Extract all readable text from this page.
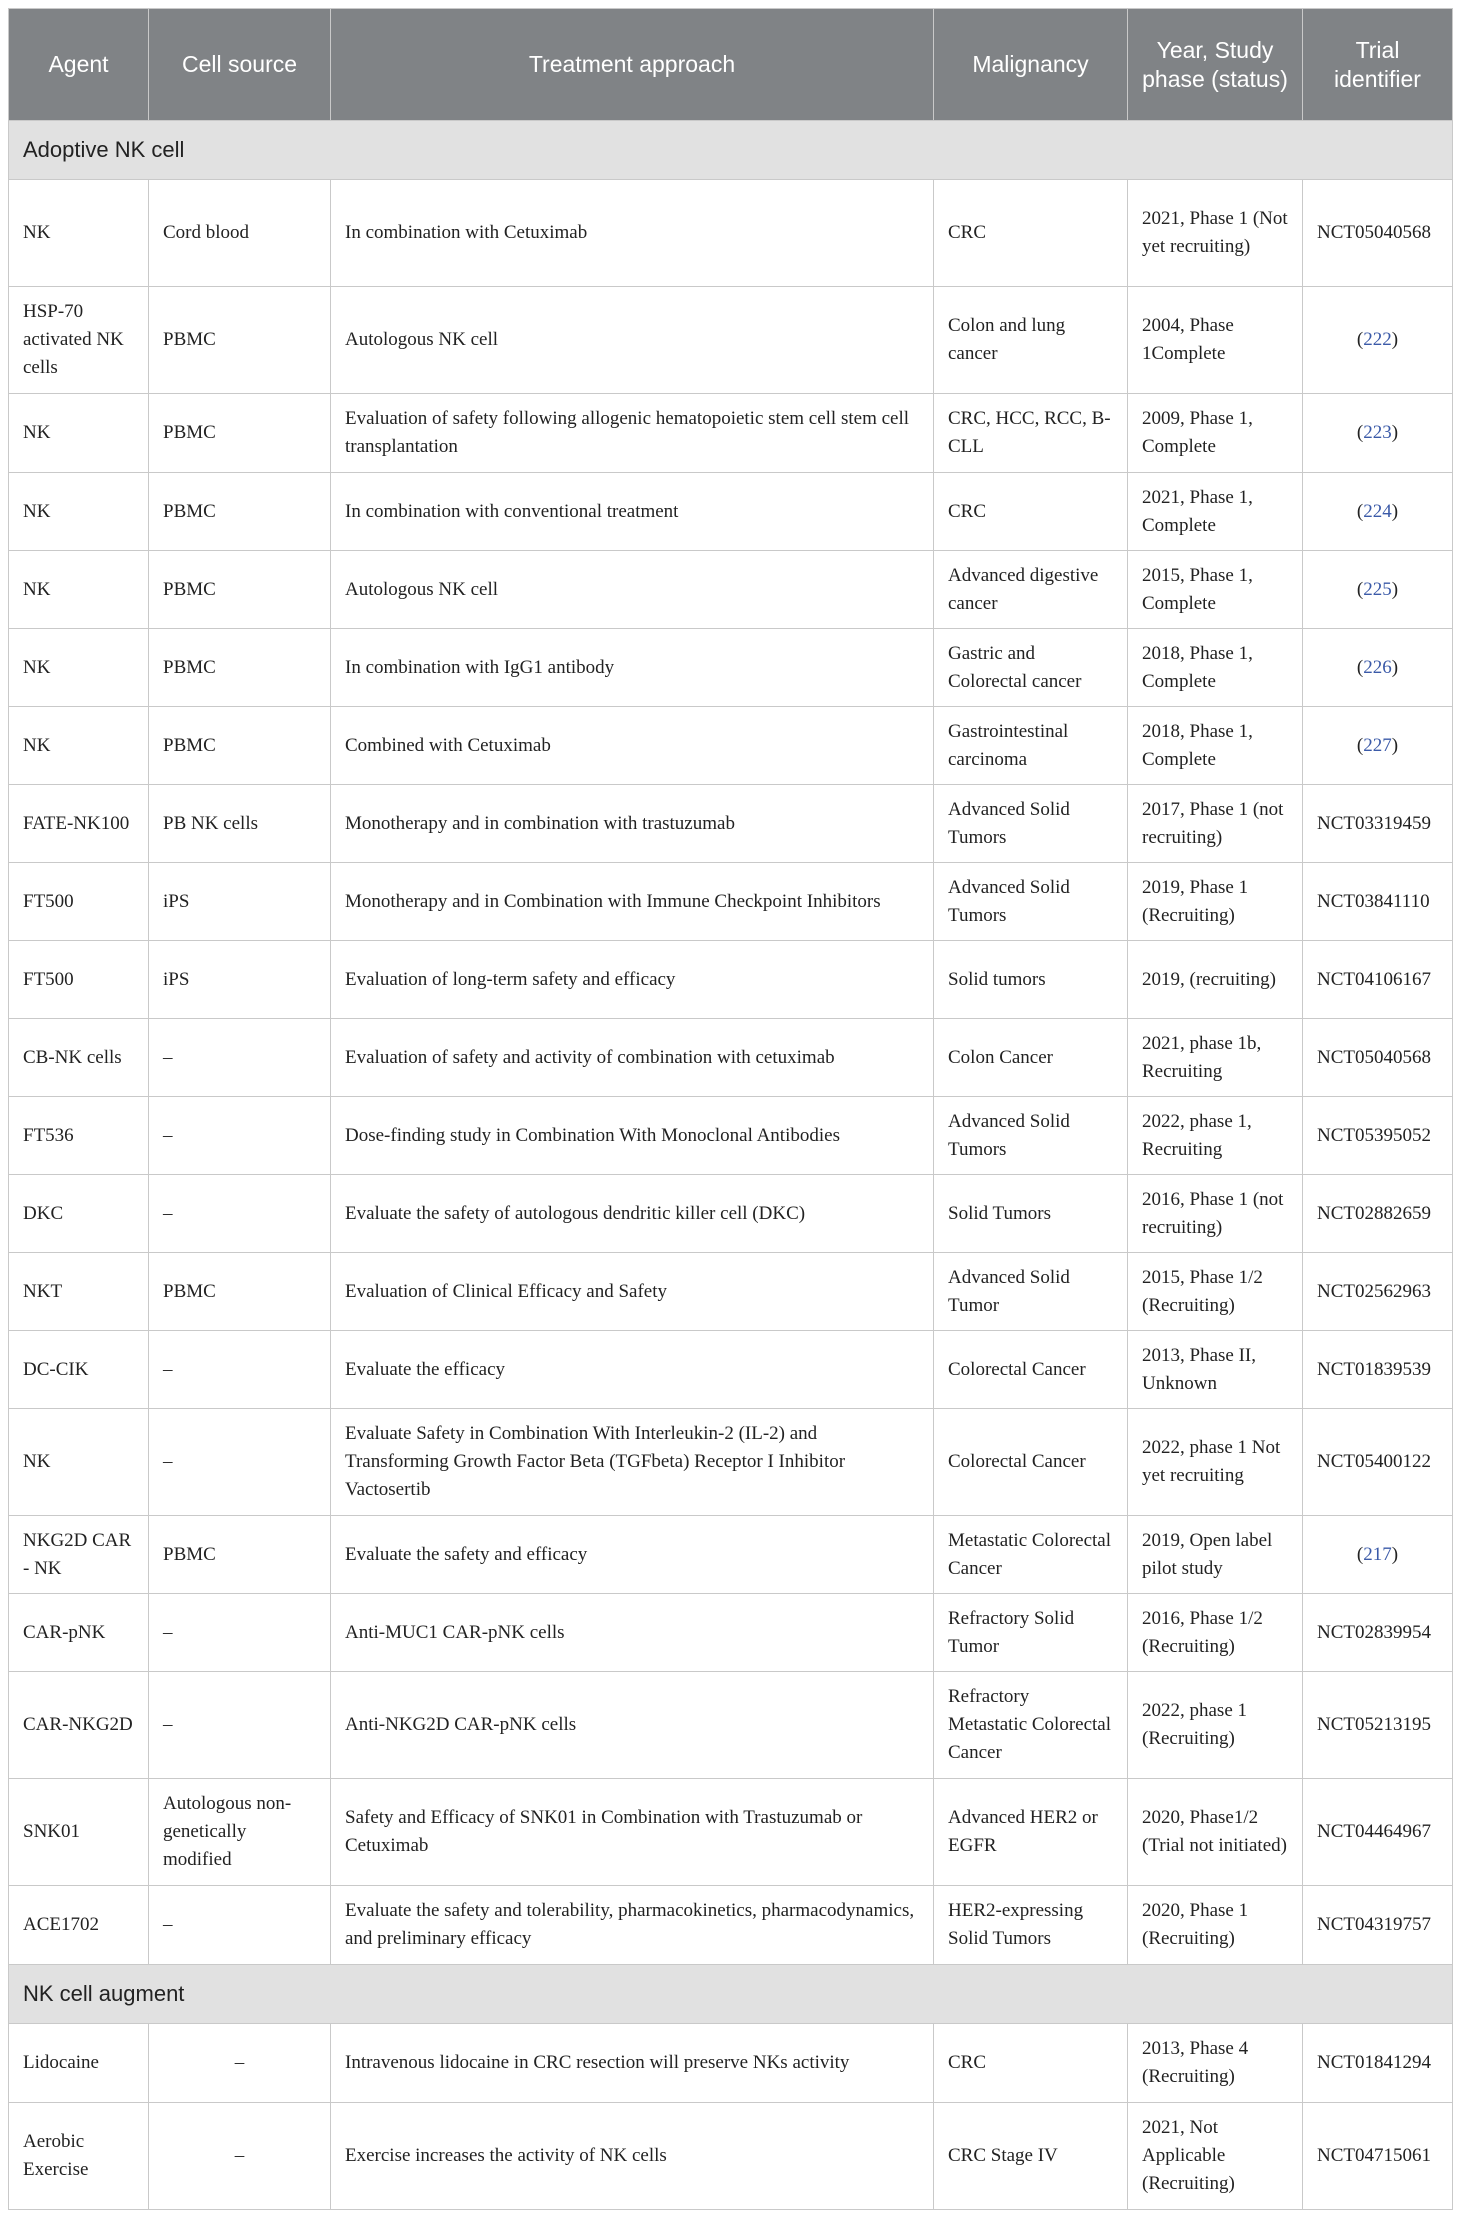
Agent	Cell source	Treatment approach	Malignancy	Year, Study phase (status)	Trial identifier
Adoptive NK cell					
NK	Cord blood	In combination with Cetuximab	CRC	2021, Phase 1 (Not yet recruiting)	NCT05040568
HSP-70 activated NK cells	PBMC	Autologous NK cell	Colon and lung cancer	2004, Phase 1Complete	(222)
NK	PBMC	Evaluation of safety following allogenic hematopoietic stem cell stem cell transplantation	CRC, HCC, RCC, B-CLL	2009, Phase 1, Complete	(223)
NK	PBMC	In combination with conventional treatment	CRC	2021, Phase 1, Complete	(224)
NK	PBMC	Autologous NK cell	Advanced digestive cancer	2015, Phase 1, Complete	(225)
NK	PBMC	In combination with IgG1 antibody	Gastric and Colorectal cancer	2018, Phase 1, Complete	(226)
NK	PBMC	Combined with Cetuximab	Gastrointestinal carcinoma	2018, Phase 1, Complete	(227)
FATE-NK100	PB NK cells	Monotherapy and in combination with trastuzumab	Advanced Solid Tumors	2017, Phase 1 (not recruiting)	NCT03319459
FT500	iPS	Monotherapy and in Combination with Immune Checkpoint Inhibitors	Advanced Solid Tumors	2019, Phase 1 (Recruiting)	NCT03841110
FT500	iPS	Evaluation of long-term safety and efficacy	Solid tumors	2019, (recruiting)	NCT04106167
CB-NK cells	–	Evaluation of safety and activity of combination with cetuximab	Colon Cancer	2021, phase 1b, Recruiting	NCT05040568
FT536	–	Dose-finding study in Combination With Monoclonal Antibodies	Advanced Solid Tumors	2022, phase 1, Recruiting	NCT05395052
DKC	–	Evaluate the safety of autologous dendritic killer cell (DKC)	Solid Tumors	2016, Phase 1 (not recruiting)	NCT02882659
NKT	PBMC	Evaluation of Clinical Efficacy and Safety	Advanced Solid Tumor	2015, Phase 1/2 (Recruiting)	NCT02562963
DC-CIK	–	Evaluate the efficacy	Colorectal Cancer	2013, Phase II, Unknown	NCT01839539
NK	–	Evaluate Safety in Combination With Interleukin-2 (IL-2) and Transforming Growth Factor Beta (TGFbeta) Receptor I Inhibitor Vactosertib	Colorectal Cancer	2022, phase 1 Not yet recruiting	NCT05400122
NKG2D CAR - NK	PBMC	Evaluate the safety and efficacy	Metastatic Colorectal Cancer	2019, Open label pilot study	(217)
CAR-pNK	–	Anti-MUC1 CAR-pNK cells	Refractory Solid Tumor	2016, Phase 1/2 (Recruiting)	NCT02839954
CAR-NKG2D	–	Anti-NKG2D CAR-pNK cells	Refractory Metastatic Colorectal Cancer	2022, phase 1 (Recruiting)	NCT05213195
SNK01	Autologous non-genetically modified	Safety and Efficacy of SNK01 in Combination with Trastuzumab or Cetuximab	Advanced HER2 or EGFR	2020, Phase1/2 (Trial not initiated)	NCT04464967
ACE1702	–	Evaluate the safety and tolerability, pharmacokinetics, pharmacodynamics, and preliminary efficacy	HER2-expressing Solid Tumors	2020, Phase 1 (Recruiting)	NCT04319757
NK cell augment					
Lidocaine	–	Intravenous lidocaine in CRC resection will preserve NKs activity	CRC	2013, Phase 4 (Recruiting)	NCT01841294
Aerobic Exercise	–	Exercise increases the activity of NK cells	CRC Stage IV	2021, Not Applicable (Recruiting)	NCT04715061
